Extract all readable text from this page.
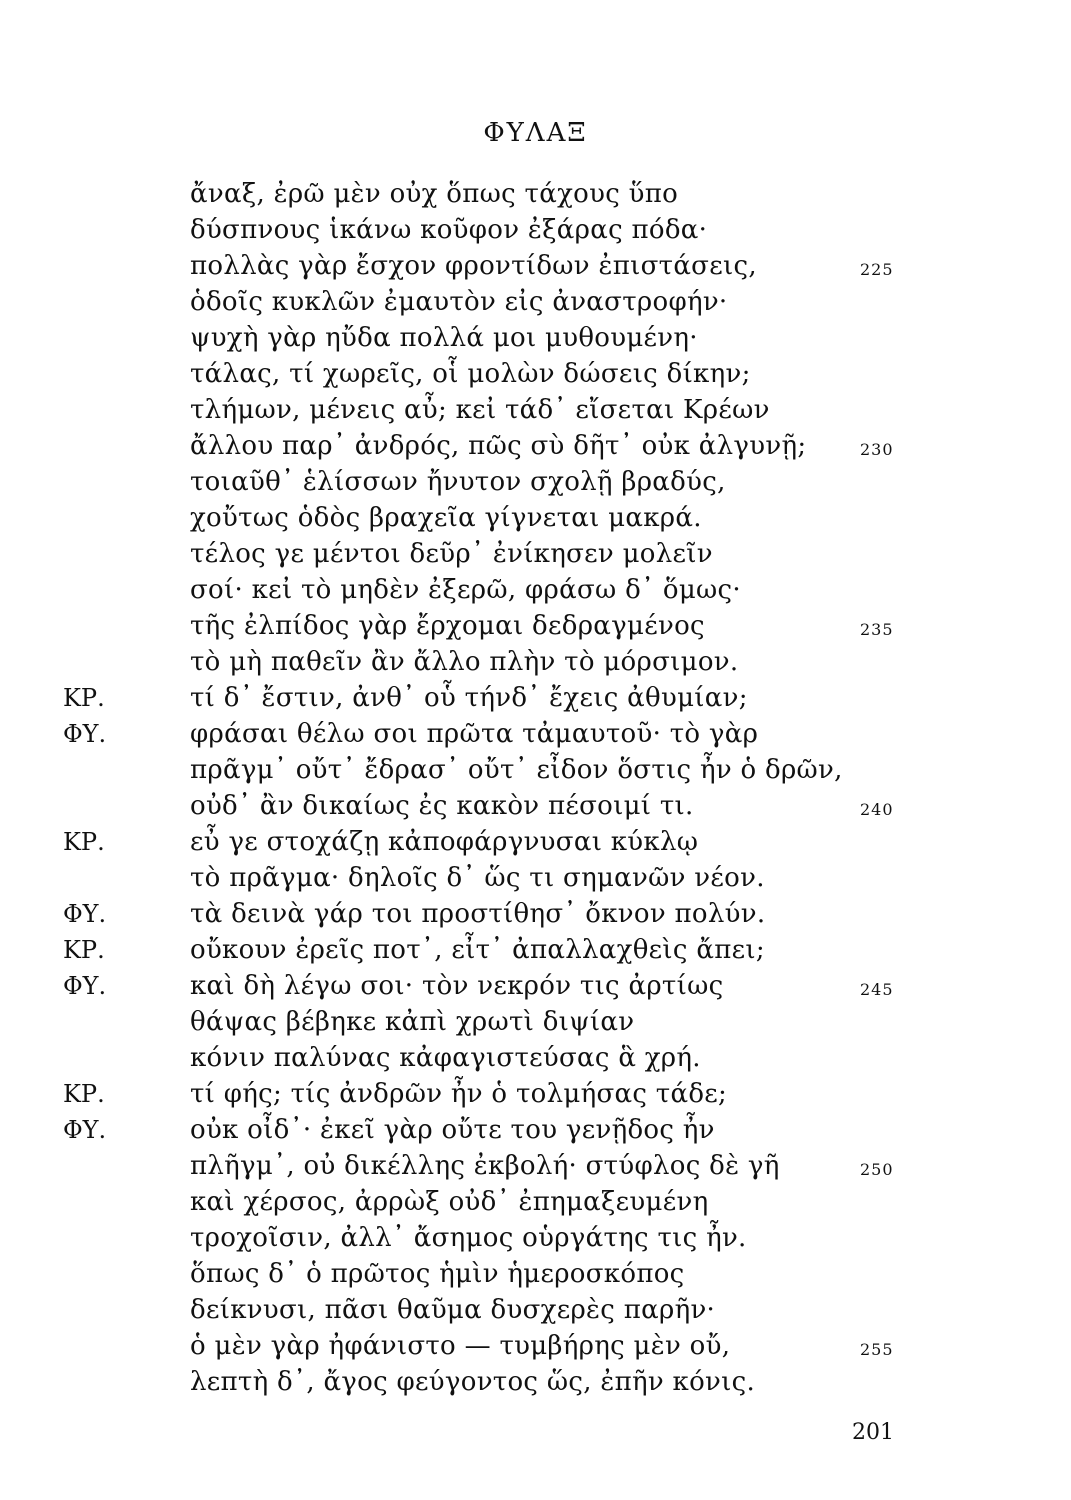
ΦΥΛΑΞ
ἄναξ, ἐρῶ μὲν οὐχ ὅπως τάχους ὕπο
δύσπνους ἱκάνω κοῦφον ἐξάρας πόδα·
πολλὰς γὰρ ἔσχον φροντίδων ἐπιστάσεις,	225
ὁδοῖς κυκλῶν ἐμαυτὸν εἰς ἀναστροφήν·
ψυχὴ γὰρ ηὔδα πολλά μοι μυθουμένη·
τάλας, τί χωρεῖς, οἷ μολὼν δώσεις δίκην;
τλήμων, μένεις αὖ; κεἰ τάδ᾽ εἴσεται Κρέων
ἄλλου παρ᾽ ἀνδρός, πῶς σὺ δῆτ᾽ οὐκ ἀλγυνῇ;	230
τοιαῦθ᾽ ἑλίσσων ἤνυτον σχολῇ βραδύς,
χοὔτως ὁδὸς βραχεῖα γίγνεται μακρά.
τέλος γε μέντοι δεῦρ᾽ ἐνίκησεν μολεῖν
σοί· κεἰ τὸ μηδὲν ἐξερῶ, φράσω δ᾽ ὅμως·
τῆς ἐλπίδος γὰρ ἔρχομαι δεδραγμένος	235
τὸ μὴ παθεῖν ἂν ἄλλο πλὴν τὸ μόρσιμον.
ΚΡ.	τί δ᾽ ἔστιν, ἀνθ᾽ οὗ τήνδ᾽ ἔχεις ἀθυμίαν;
ΦΥ.	φράσαι θέλω σοι πρῶτα τἀμαυτοῦ· τὸ γὰρ
πρᾶγμ᾽ οὔτ᾽ ἔδρασ᾽ οὔτ᾽ εἶδον ὅστις ἦν ὁ δρῶν,
οὐδ᾽ ἂν δικαίως ἐς κακὸν πέσοιμί τι.	240
ΚΡ.	εὖ γε στοχάζῃ κἀποφάργνυσαι κύκλῳ
τὸ πρᾶγμα· δηλοῖς δ᾽ ὥς τι σημανῶν νέον.
ΦΥ.	τὰ δεινὰ γάρ τοι προστίθησ᾽ ὄκνον πολύν.
ΚΡ.	οὔκουν ἐρεῖς ποτ᾽, εἶτ᾽ ἀπαλλαχθεὶς ἄπει;
ΦΥ.	καὶ δὴ λέγω σοι· τὸν νεκρόν τις ἀρτίως	245
θάψας βέβηκε κἀπὶ χρωτὶ διψίαν
κόνιν παλύνας κἀφαγιστεύσας ἃ χρή.
ΚΡ.	τί φής; τίς ἀνδρῶν ἦν ὁ τολμήσας τάδε;
ΦΥ.	οὐκ οἶδ᾽· ἐκεῖ γὰρ οὔτε του γενῇδος ἦν
πλῆγμ᾽, οὐ δικέλλης ἐκβολή· στύφλος δὲ γῆ	250
καὶ χέρσος, ἀρρὼξ οὐδ᾽ ἐπημαξευμένη
τροχοῖσιν, ἀλλ᾽ ἄσημος οὑργάτης τις ἦν.
ὅπως δ᾽ ὁ πρῶτος ἡμὶν ἡμεροσκόπος
δείκνυσι, πᾶσι θαῦμα δυσχερὲς παρῆν·
ὁ μὲν γὰρ ἠφάνιστο — τυμβήρης μὲν οὔ,	255
λεπτὴ δ᾽, ἄγος φεύγοντος ὥς, ἐπῆν κόνις.
201
